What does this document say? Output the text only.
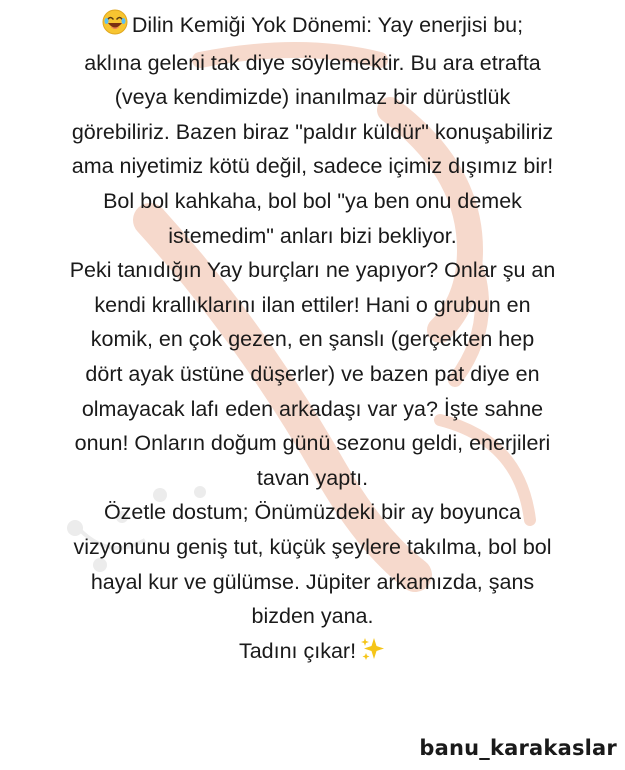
Dilin Kemiği Yok Dönemi: Yay enerjisi bu;
aklına geleni tak diye söylemektir. Bu ara etrafta
(veya kendimizde) inanılmaz bir dürüstlük
görebiliriz. Bazen biraz "paldır küldür" konuşabiliriz
ama niyetimiz kötü değil, sadece içimiz dışımız bir!
Bol bol kahkaha, bol bol "ya ben onu demek
istemedim" anları bizi bekliyor.
Peki tanıdığın Yay burçları ne yapıyor? Onlar şu an
kendi krallıklarını ilan ettiler! Hani o grubun en
komik, en çok gezen, en şanslı (gerçekten hep
dört ayak üstüne düşerler) ve bazen pat diye en
olmayacak lafı eden arkadaşı var ya? İşte sahne
onun! Onların doğum günü sezonu geldi, enerjileri
tavan yaptı.
Özetle dostum; Önümüzdeki bir ay boyunca
vizyonunu geniş tut, küçük şeylere takılma, bol bol
hayal kur ve gülümse. Jüpiter arkamızda, şans
bizden yana.
Tadını çıkar!
banu_karakaslar
